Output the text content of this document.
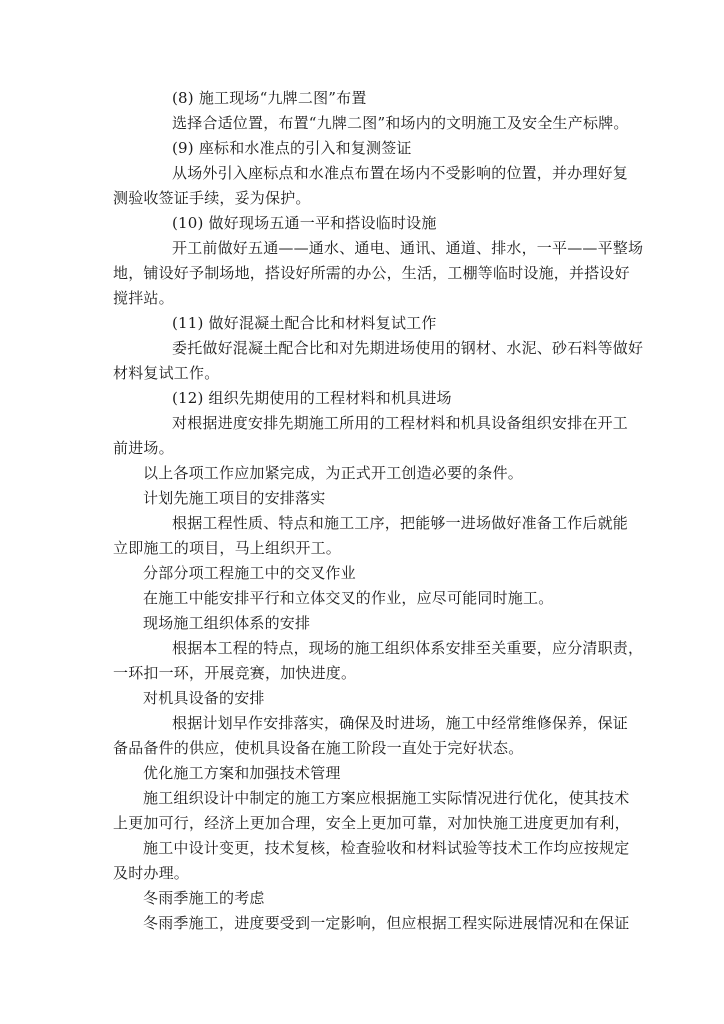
(8) 施工现场“九牌二图”布置
选择合适位置，布置“九牌二图”和场内的文明施工及安全生产标牌。
(9) 座标和水准点的引入和复测签证
从场外引入座标点和水准点布置在场内不受影响的位置，并办理好复
测验收签证手续，妥为保护。
(10) 做好现场五通一平和搭设临时设施
开工前做好五通——通水、通电、通讯、通道、排水，一平——平整场
地，铺设好予制场地，搭设好所需的办公，生活，工棚等临时设施，并搭设好
搅拌站。
(11) 做好混凝土配合比和材料复试工作
委托做好混凝土配合比和对先期进场使用的钢材、水泥、砂石料等做好
材料复试工作。
(12) 组织先期使用的工程材料和机具进场
对根据进度安排先期施工所用的工程材料和机具设备组织安排在开工
前进场。
以上各项工作应加紧完成，为正式开工创造必要的条件。
计划先施工项目的安排落实
根据工程性质、特点和施工工序，把能够一进场做好准备工作后就能
立即施工的项目，马上组织开工。
分部分项工程施工中的交叉作业
在施工中能安排平行和立体交叉的作业，应尽可能同时施工。
现场施工组织体系的安排
根据本工程的特点，现场的施工组织体系安排至关重要，应分清职责，
一环扣一环，开展竞赛，加快进度。
对机具设备的安排
根据计划早作安排落实，确保及时进场，施工中经常维修保养，保证
备品备件的供应，使机具设备在施工阶段一直处于完好状态。
优化施工方案和加强技术管理
施工组织设计中制定的施工方案应根据施工实际情况进行优化，使其技术
上更加可行，经济上更加合理，安全上更加可靠，对加快施工进度更加有利，
施工中设计变更，技术复核，检查验收和材料试验等技术工作均应按规定
及时办理。
冬雨季施工的考虑
冬雨季施工，进度要受到一定影响，但应根据工程实际进展情况和在保证
